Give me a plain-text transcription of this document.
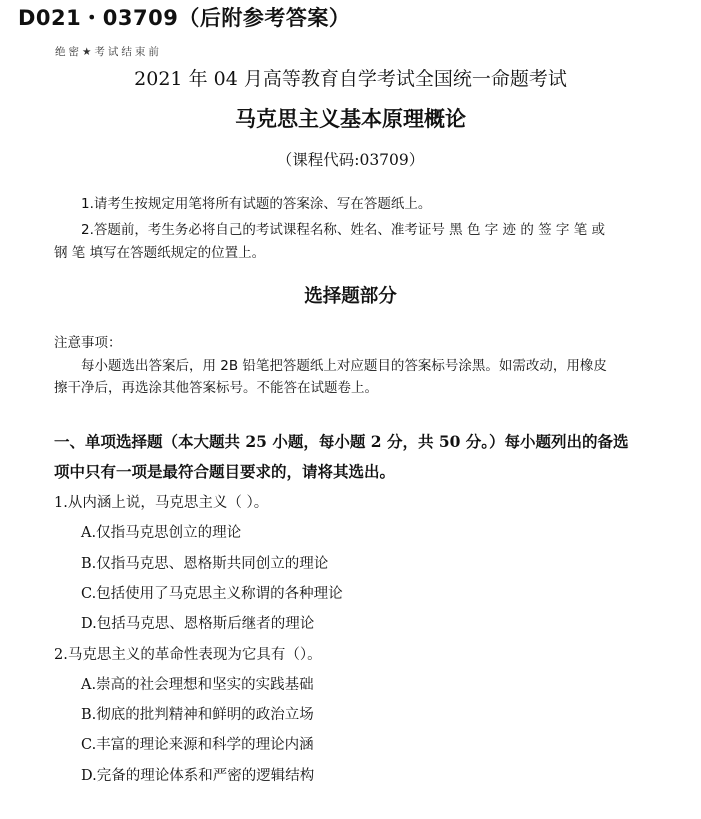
D021・03709（后附参考答案）
绝密★考试结束前
2021 年 04 月高等教育自学考试全国统一命题考试
马克思主义基本原理概论
（课程代码:03709）
1.请考生按规定用笔将所有试题的答案涂、写在答题纸上。
2.答题前，考生务必将自己的考试课程名称、姓名、准考证号 黑 色 字 迹 的 签 字 笔 或
钢 笔 填写在答题纸规定的位置上。
选择题部分
注意事项：
每小题选出答案后，用 2B 铅笔把答题纸上对应题目的答案标号涂黑。如需改动，用橡皮
擦干净后，再选涂其他答案标号。不能答在试题卷上。
一、单项选择题（本大题共 25 小题，每小题 2 分，共 50 分。）每小题列出的备选
项中只有一项是最符合题目要求的，请将其选出。
1.从内涵上说，马克思主义（ ）。
A.仅指马克思创立的理论
B.仅指马克思、恩格斯共同创立的理论
C.包括使用了马克思主义称谓的各种理论
D.包括马克思、恩格斯后继者的理论
2.马克思主义的革命性表现为它具有（）。
A.崇高的社会理想和坚实的实践基础
B.彻底的批判精神和鲜明的政治立场
C.丰富的理论来源和科学的理论内涵
D.完备的理论体系和严密的逻辑结构
